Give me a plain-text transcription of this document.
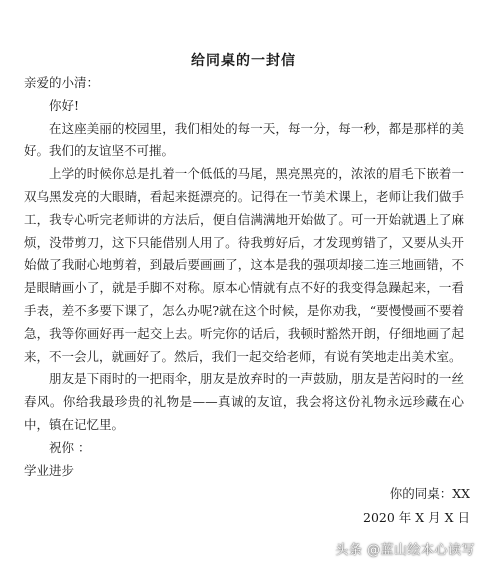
给同桌的一封信

亲爱的小清：

你好!

在这座美丽的校园里，我们相处的每一天，每一分，每一秒，都是那样的美好。我们的友谊坚不可摧。

上学的时候你总是扎着一个低低的马尾，黑亮黑亮的，浓浓的眉毛下嵌着一双乌黑发亮的大眼睛，看起来挺漂亮的。记得在一节美术课上，老师让我们做手工，我专心听完老师讲的方法后，便自信满满地开始做了。可一开始就遇上了麻烦，没带剪刀，这下只能借别人用了。待我剪好后，才发现剪错了，又要从头开始做了我耐心地剪着，到最后要画画了，这本是我的强项却接二连三地画错，不是眼睛画小了，就是手脚不对称。原本心情就有点不好的我变得急躁起来，一看手表，差不多要下课了，怎么办呢?就在这个时候，是你劝我，“要慢慢画不要着急，我等你画好再一起交上去。听完你的话后，我顿时豁然开朗，仔细地画了起来，不一会儿，就画好了。然后，我们一起交给老师，有说有笑地走出美术室。

朋友是下雨时的一把雨伞，朋友是放弃时的一声鼓励，朋友是苦闷时的一丝春风。你给我最珍贵的礼物是——真诚的友谊，我会将这份礼物永远珍藏在心中，镇在记忆里。

祝你 ：

学业进步

你的同桌：XX
2020 年 X 月 X 日
头条 @蓝山绘本心读写
